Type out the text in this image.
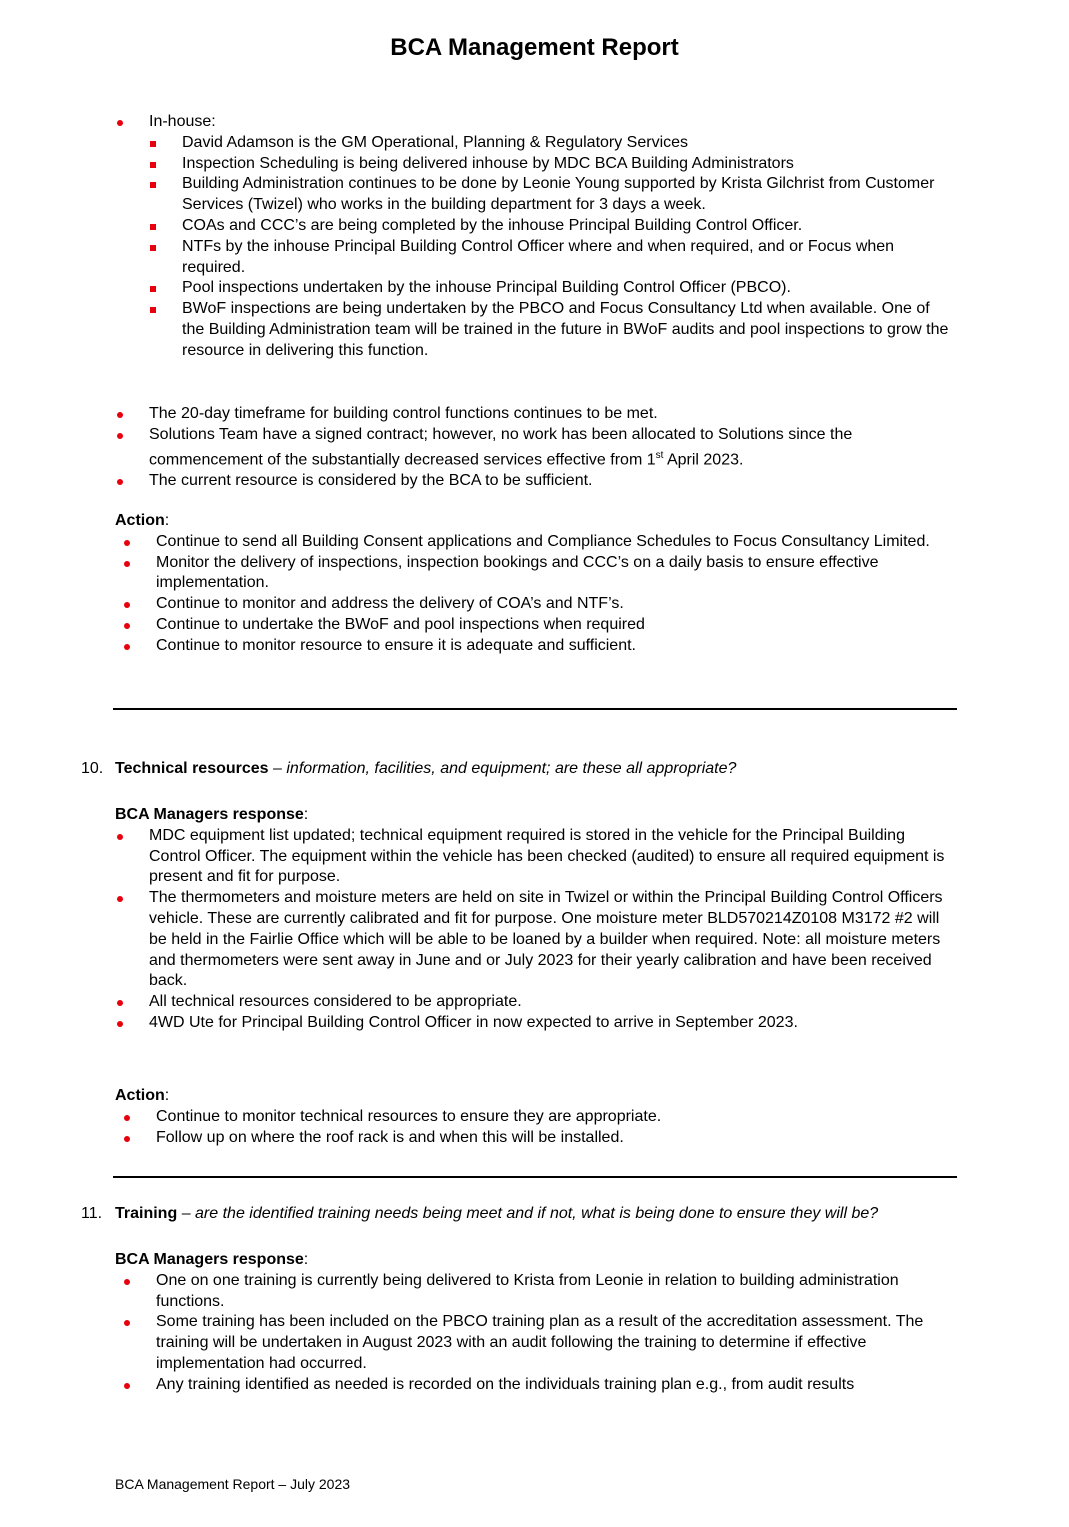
BCA Management Report
In-house:
David Adamson is the GM Operational, Planning & Regulatory Services
Inspection Scheduling is being delivered inhouse by MDC BCA Building Administrators
Building Administration continues to be done by Leonie Young supported by Krista Gilchrist from Customer Services (Twizel) who works in the building department for 3 days a week.
COAs and CCC’s are being completed by the inhouse Principal Building Control Officer.
NTFs by the inhouse Principal Building Control Officer where and when required, and or Focus when required.
Pool inspections undertaken by the inhouse Principal Building Control Officer (PBCO).
BWoF inspections are being undertaken by the PBCO and Focus Consultancy Ltd when available. One of the Building Administration team will be trained in the future in BWoF audits and pool inspections to grow the resource in delivering this function.
The 20-day timeframe for building control functions continues to be met.
Solutions Team have a signed contract; however, no work has been allocated to Solutions since the commencement of the substantially decreased services effective from 1st April 2023.
The current resource is considered by the BCA to be sufficient.
Action:
Continue to send all Building Consent applications and Compliance Schedules to Focus Consultancy Limited.
Monitor the delivery of inspections, inspection bookings and CCC’s on a daily basis to ensure effective implementation.
Continue to monitor and address the delivery of COA’s and NTF’s.
Continue to undertake the BWoF and pool inspections when required
Continue to monitor resource to ensure it is adequate and sufficient.
10. Technical resources – information, facilities, and equipment; are these all appropriate?
BCA Managers response:
MDC equipment list updated; technical equipment required is stored in the vehicle for the Principal Building Control Officer. The equipment within the vehicle has been checked (audited) to ensure all required equipment is present and fit for purpose.
The thermometers and moisture meters are held on site in Twizel or within the Principal Building Control Officers vehicle. These are currently calibrated and fit for purpose. One moisture meter BLD570214Z0108 M3172 #2 will be held in the Fairlie Office which will be able to be loaned by a builder when required. Note: all moisture meters and thermometers were sent away in June and or July 2023 for their yearly calibration and have been received back.
All technical resources considered to be appropriate.
4WD Ute for Principal Building Control Officer in now expected to arrive in September 2023.
Action:
Continue to monitor technical resources to ensure they are appropriate.
Follow up on where the roof rack is and when this will be installed.
11. Training – are the identified training needs being meet and if not, what is being done to ensure they will be?
BCA Managers response:
One on one training is currently being delivered to Krista from Leonie in relation to building administration functions.
Some training has been included on the PBCO training plan as a result of the accreditation assessment. The training will be undertaken in August 2023 with an audit following the training to determine if effective implementation had occurred.
Any training identified as needed is recorded on the individuals training plan e.g., from audit results
BCA Management Report – July 2023
